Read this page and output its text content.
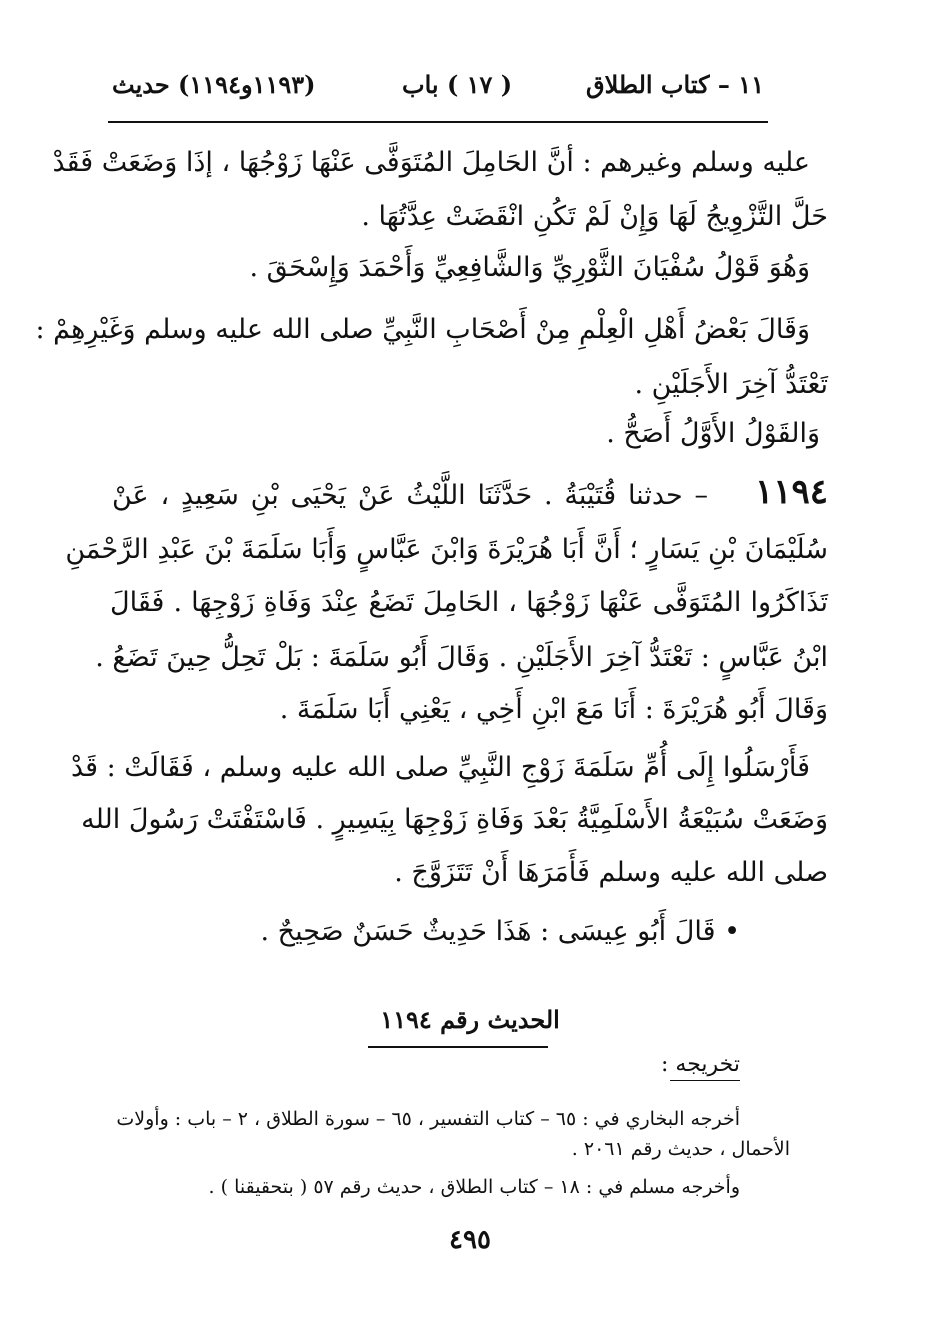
١١ – كتاب الطلاق
( ١٧ ) باب
(١١٩٣و١١٩٤) حديث
عليه وسلم وغيرهم : أنَّ الحَامِلَ المُتَوَفَّى عَنْهَا زَوْجُهَا ، إذَا وَضَعَتْ فَقَدْ
حَلَّ التَّزْوِيجُ لَهَا وَإِنْ لَمْ تَكُنِ انْقَضَتْ عِدَّتُهَا .
وَهُوَ قَوْلُ سُفْيَانَ الثَّوْرِيِّ وَالشَّافِعِيِّ وَأَحْمَدَ وَإِسْحَقَ .
وَقَالَ بَعْضُ أَهْلِ الْعِلْمِ مِنْ أَصْحَابِ النَّبِيِّ صلى الله عليه وسلم وَغَيْرِهِمْ :
تَعْتَدُّ آخِرَ الأَجَلَيْنِ .
وَالقَوْلُ الأَوَّلُ أَصَحُّ .
١١٩٤
– حدثنا قُتَيْبَةُ . حَدَّثَنَا اللَّيْثُ عَنْ يَحْيَى بْنِ سَعِيدٍ ، عَنْ
سُلَيْمَانَ بْنِ يَسَارٍ ؛ أَنَّ أَبَا هُرَيْرَةَ وَابْنَ عَبَّاسٍ وَأَبَا سَلَمَةَ بْنَ عَبْدِ الرَّحْمَنِ
تَذَاكَرُوا المُتَوَفَّى عَنْهَا زَوْجُهَا ، الحَامِلَ تَضَعُ عِنْدَ وَفَاةِ زَوْجِهَا . فَقَالَ
ابْنُ عَبَّاسٍ : تَعْتَدُّ آخِرَ الأَجَلَيْنِ . وَقَالَ أَبُو سَلَمَةَ : بَلْ تَحِلُّ حِينَ تَضَعُ .
وَقَالَ أَبُو هُرَيْرَةَ : أَنَا مَعَ ابْنِ أَخِي ، يَعْنِي أَبَا سَلَمَةَ .
فَأَرْسَلُوا إِلَى أُمِّ سَلَمَةَ زَوْجِ النَّبِيِّ صلى الله عليه وسلم ، فَقَالَتْ : قَدْ
وَضَعَتْ سُبَيْعَةُ الأَسْلَمِيَّةُ بَعْدَ وَفَاةِ زَوْجِهَا بِيَسِيرٍ . فَاسْتَفْتَتْ رَسُولَ الله
صلى الله عليه وسلم فَأَمَرَهَا أَنْ تَتَزَوَّجَ .
• قَالَ أَبُو عِيسَى : هَذَا حَدِيثٌ حَسَنٌ صَحِيحٌ .
الحديث رقم ١١٩٤
تخريجه :
أخرجه البخاري في : ٦٥ – كتاب التفسير ، ٦٥ – سورة الطلاق ، ٢ – باب : وأولات
الأحمال ، حديث رقم ٢٠٦١ .
وأخرجه مسلم في : ١٨ – كتاب الطلاق ، حديث رقم ٥٧ ( بتحقيقنا ) .
٤٩٥
